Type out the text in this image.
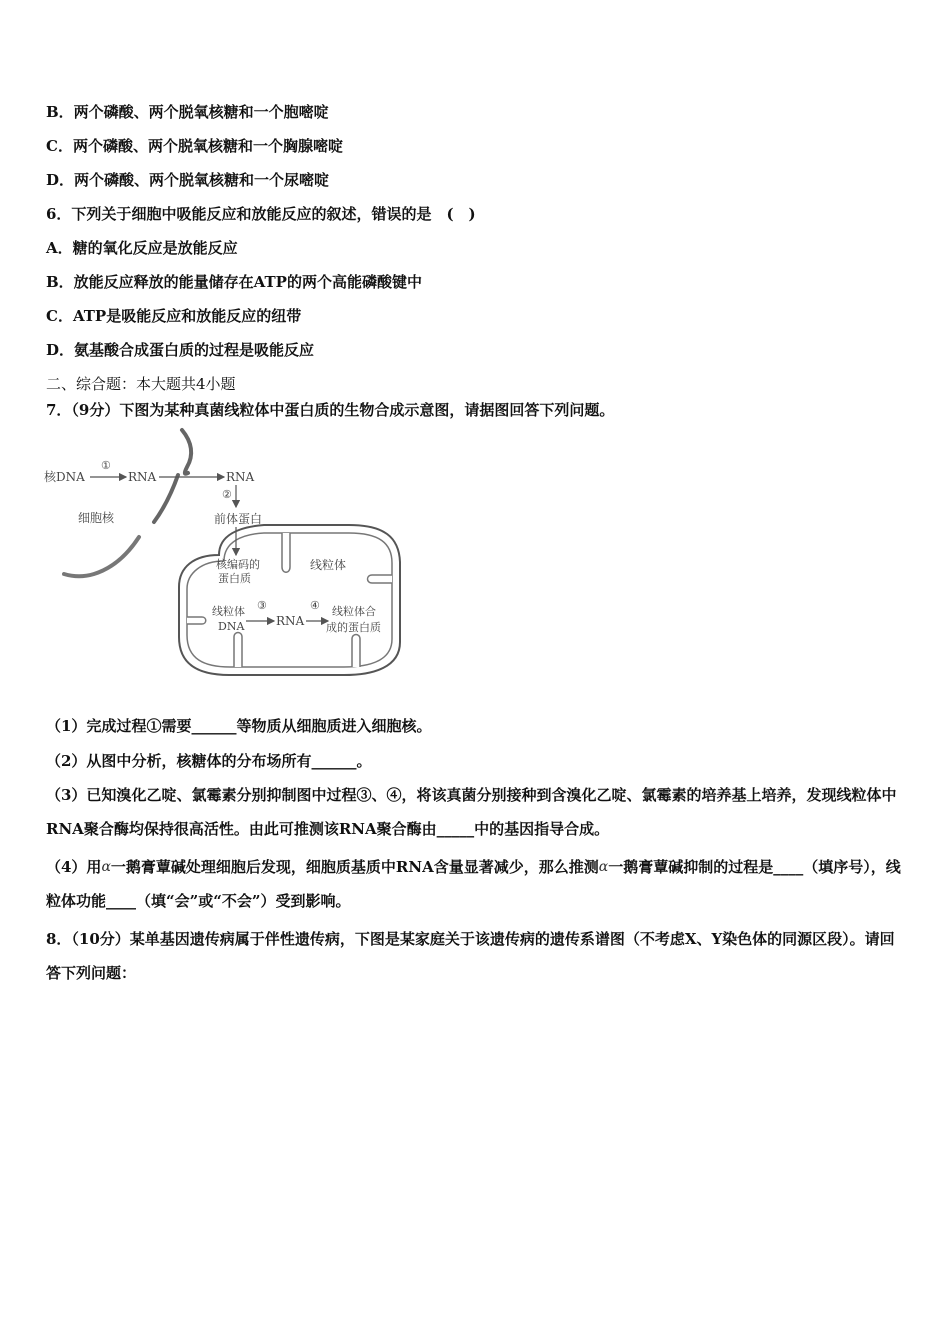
B．两个磷酸、两个脱氧核糖和一个胞嘧啶
C．两个磷酸、两个脱氧核糖和一个胸腺嘧啶
D．两个磷酸、两个脱氧核糖和一个尿嘧啶
6．下列关于细胞中吸能反应和放能反应的叙述，错误的是　(　)
A．糖的氧化反应是放能反应
B．放能反应释放的能量储存在ATP的两个高能磷酸键中
C．ATP是吸能反应和放能反应的纽带
D．氨基酸合成蛋白质的过程是吸能反应
二、综合题：本大题共4小题
7．（9分）下图为某种真菌线粒体中蛋白质的生物合成示意图，请据图回答下列问题。
核DNA
①
RNA	RNA
细胞核
②
前体蛋白
核编码的
蛋白质
线粒体
线粒体
DNA
③
RNA
④ 线粒体合
成的蛋白质
（1）完成过程①需要______等物质从细胞质进入细胞核。
（2）从图中分析，核糖体的分布场所有______。
（3）已知溴化乙啶、氯霉素分别抑制图中过程③、④，将该真菌分别接种到含溴化乙啶、氯霉素的培养基上培养，发现线粒体中RNA聚合酶均保持很高活性。由此可推测该RNA聚合酶由_____中的基因指导合成。
（4）用α一鹅膏蕈碱处理细胞后发现，细胞质基质中RNA含量显著减少，那么推测α一鹅膏蕈碱抑制的过程是____（填序号），线粒体功能____（填“会”或“不会”）受到影响。
8．（10分）某单基因遗传病属于伴性遗传病，下图是某家庭关于该遗传病的遗传系谱图（不考虑X、Y染色体的同源区段）。请回答下列问题：
